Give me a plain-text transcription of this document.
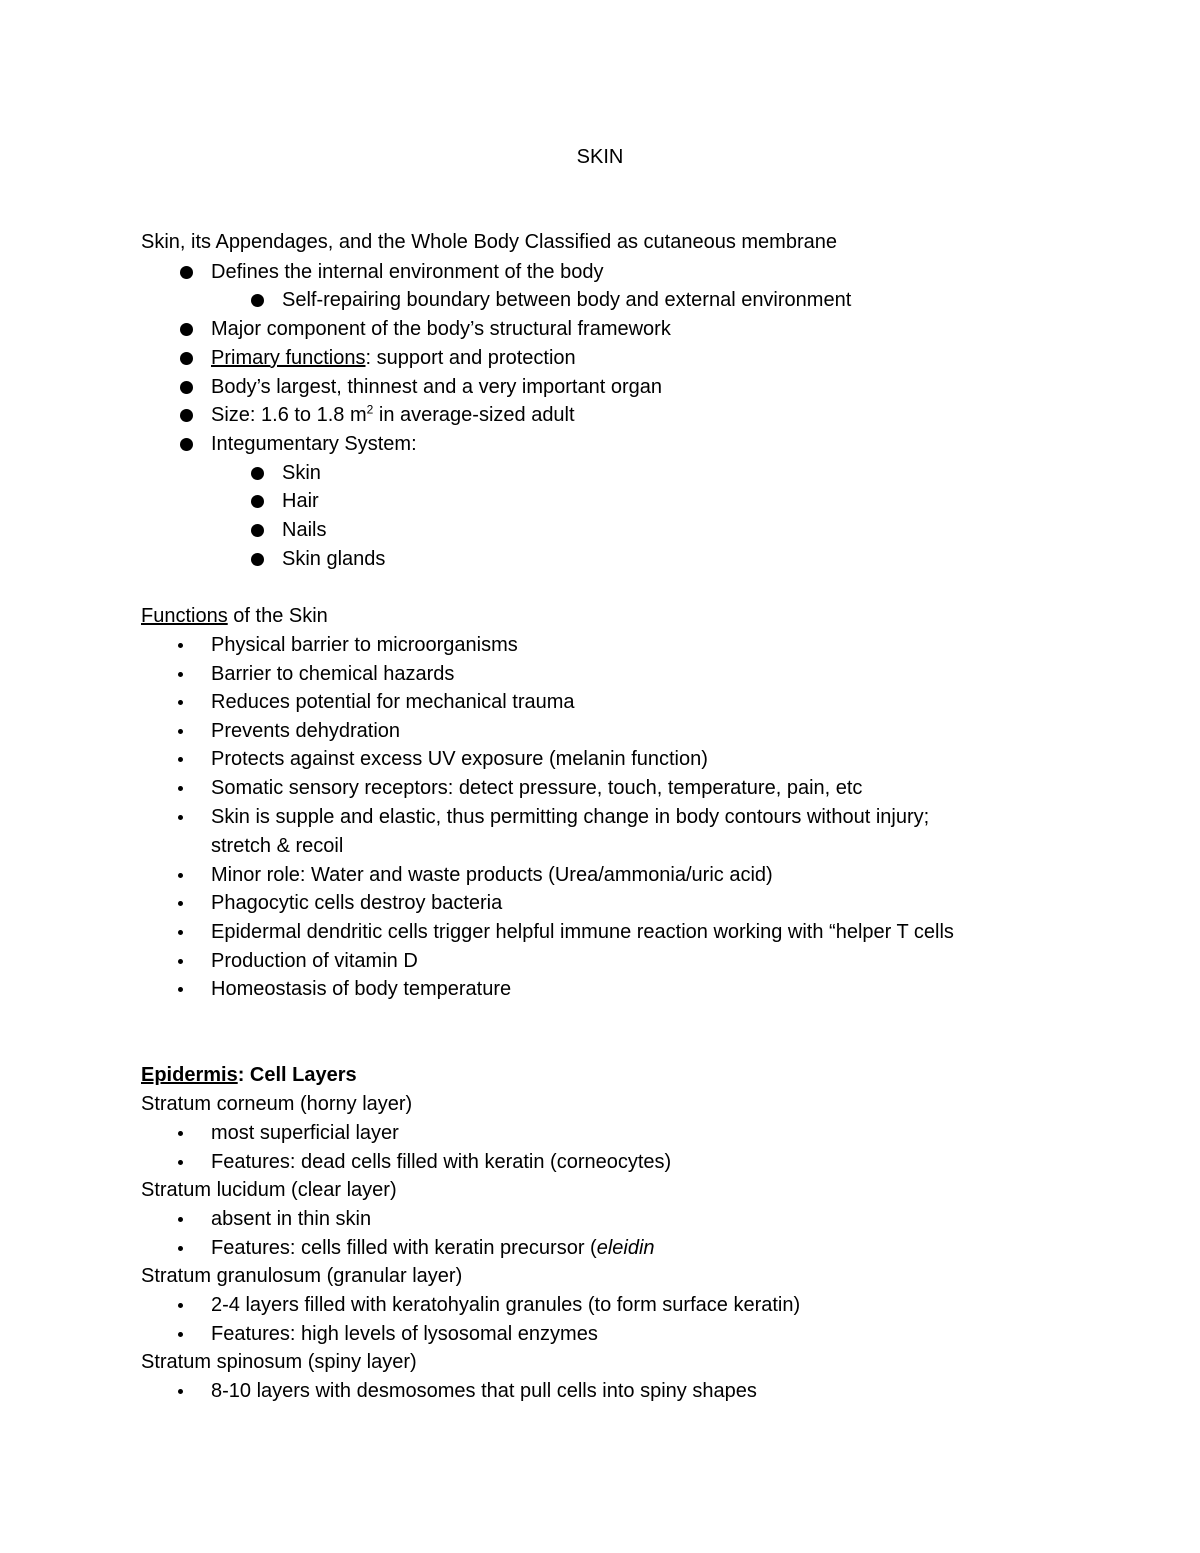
SKIN
Skin, its Appendages, and the Whole Body Classified as cutaneous membrane
Defines the internal environment of the body
Self-repairing boundary between body and external environment
Major component of the body’s structural framework
Primary functions: support and protection
Body’s largest, thinnest and a very important organ
Size: 1.6 to 1.8 $m^2$ in average-sized adult
Integumentary System:
Skin
Hair
Nails
Skin glands
Functions of the Skin
Physical barrier to microorganisms
Barrier to chemical hazards
Reduces potential for mechanical trauma
Prevents dehydration
Protects against excess UV exposure (melanin function)
Somatic sensory receptors: detect pressure, touch, temperature, pain, etc
Skin is supple and elastic, thus permitting change in body contours without injury;
stretch & recoil
Minor role: Water and waste products (Urea/ammonia/uric acid)
Phagocytic cells destroy bacteria
Epidermal dendritic cells trigger helpful immune reaction working with “helper T cells
Production of vitamin D
Homeostasis of body temperature
Epidermis: Cell Layers
Stratum corneum (horny layer)
most superficial layer
Features: dead cells filled with keratin (corneocytes)
Stratum lucidum (clear layer)
absent in thin skin
Features: cells filled with keratin precursor (eleidin
Stratum granulosum (granular layer)
2-4 layers filled with keratohyalin granules (to form surface keratin)
Features: high levels of lysosomal enzymes
Stratum spinosum (spiny layer)
8-10 layers with desmosomes that pull cells into spiny shapes
